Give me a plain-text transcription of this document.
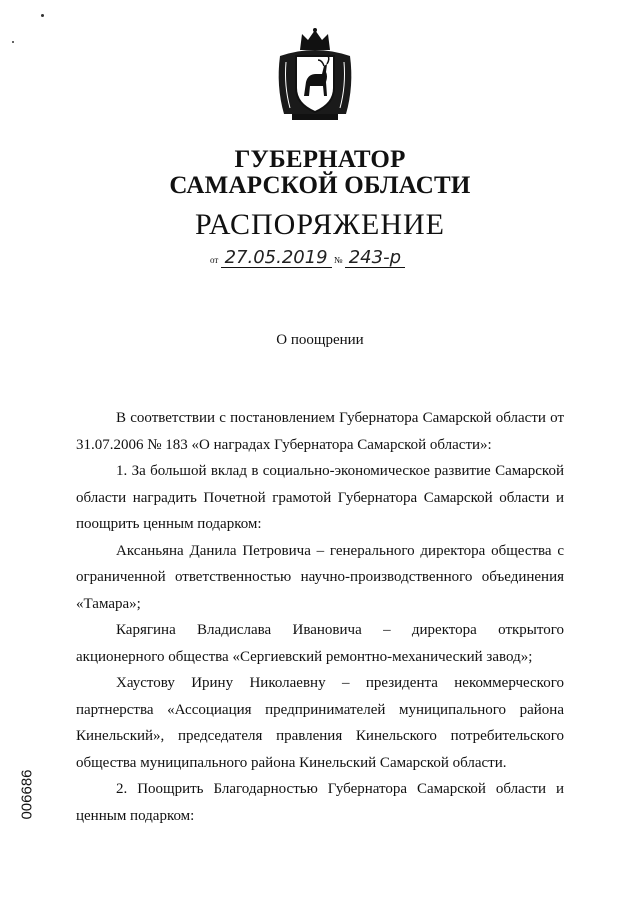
ГУБЕРНАТОР
САМАРСКОЙ ОБЛАСТИ
РАСПОРЯЖЕНИЕ
от 27.05.2019 № 243-р
О поощрении

В соответствии с постановлением Губернатора Самарской области от 31.07.2006 № 183 «О наградах Губернатора Самарской области»:

1. За большой вклад в социально-экономическое развитие Самарской области наградить Почетной грамотой Губернатора Самарской области и поощрить ценным подарком:

Аксаньяна Данила Петровича – генерального директора общества с ограниченной ответственностью научно-производственного объединения «Тамара»;

Карягина Владислава Ивановича – директора открытого акционерного общества «Сергиевский ремонтно-механический завод»;

Хаустову Ирину Николаевну – президента некоммерческого партнерства «Ассоциация предпринимателей муниципального района Кинельский», председателя правления Кинельского потребительского общества муниципального района Кинельский Самарской области.

2. Поощрить Благодарностью Губернатора Самарской области и ценным подарком:

006686
